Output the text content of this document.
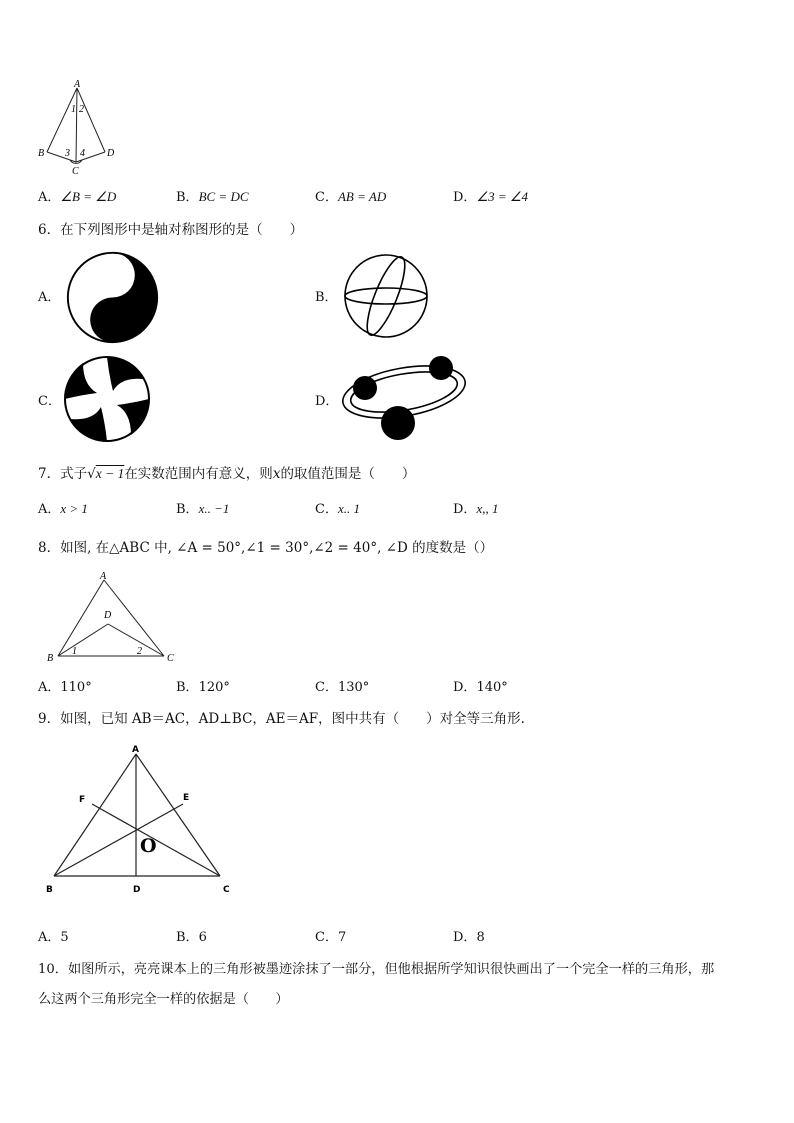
A
B
C
D
1 2
3 4
A．∠B = ∠D	B．BC = DC	C．AB = AD	D．∠3 = ∠4
6．在下列图形中是轴对称图形的是（　　）
A．	B．
C．	D．
7．式子√x − 1在实数范围内有意义，则x的取值范围是（　　）
A．x > 1	B．x.. −1	C．x.. 1	D．x,, 1
8．如图, 在△ABC 中, ∠A = 50°,∠1 = 30°,∠2 = 40°, ∠D 的度数是（）
A
B	C
D
1	2
A．110°	B．120°	C．130°	D．140°
9．如图，已知 AB＝AC，AD⊥BC，AE＝AF，图中共有（　　）对全等三角形.
A
B	C
D
E
F
O
A．5	B．6	C．7	D．8
10．如图所示，亮亮课本上的三角形被墨迹涂抹了一部分，但他根据所学知识很快画出了一个完全一样的三角形，那
么这两个三角形完全一样的依据是（　　）
